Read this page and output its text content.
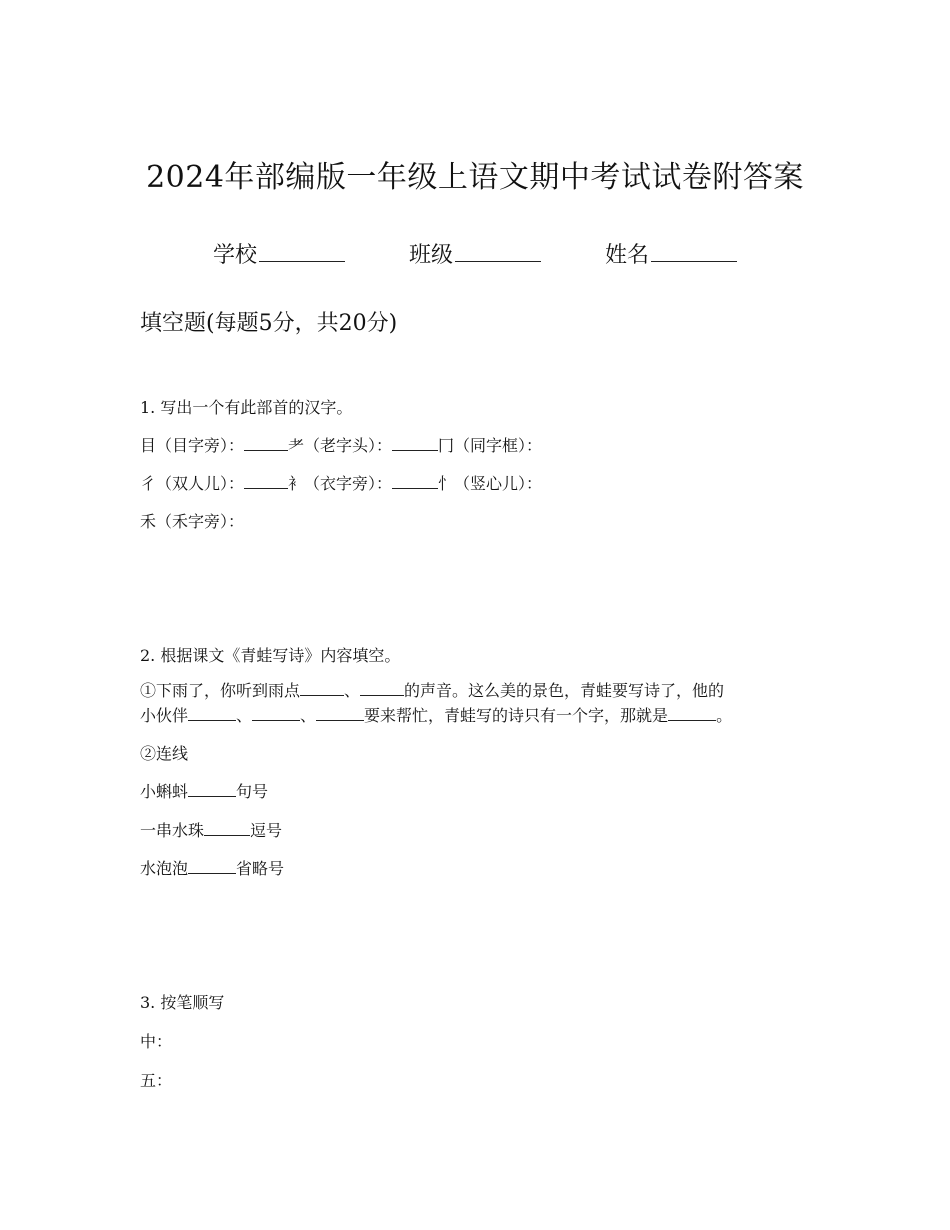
2024年部编版一年级上语文期中考试试卷附答案
学校	班级	姓名
填空题(每题5分，共20分)
1. 写出一个有此部首的汉字。
目（目字旁）：	耂（老字头）：	冂（同字框）：
彳（双人儿）：	衤（衣字旁）：	忄（竖心儿）：
禾（禾字旁）：
2. 根据课文《青蛙写诗》内容填空。
①下雨了，你听到雨点	、	的声音。这么美的景色，青蛙要写诗了，他的
小伙伴	、	、	要来帮忙，青蛙写的诗只有一个字，那就是	。
②连线
小蝌蚪	句号
一串水珠	逗号
水泡泡	省略号
3. 按笔顺写
中：
五：
